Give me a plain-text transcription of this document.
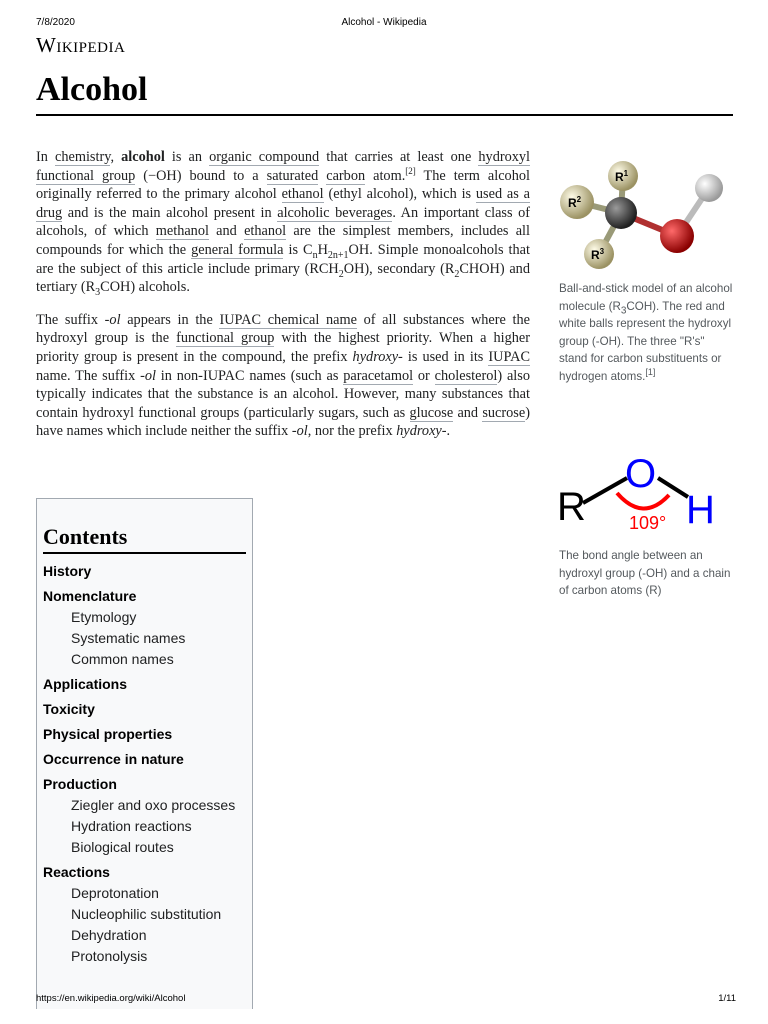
7/8/2020	Alcohol - Wikipedia
Wikipedia
Alcohol

In chemistry, alcohol is an organic compound that carries at least one hydroxyl functional group (−OH) bound to a saturated carbon atom.[2] The term alcohol originally referred to the primary alcohol ethanol (ethyl alcohol), which is used as a drug and is the main alcohol present in alcoholic beverages. An important class of alcohols, of which methanol and ethanol are the simplest members, includes all compounds for which the general formula is $C_nH_{2n+1}OH$. Simple monoalcohols that are the subject of this article include primary $(RCH_2OH)$, secondary $(R_2CHOH)$ and tertiary $(R_3COH)$ alcohols.

The suffix -ol appears in the IUPAC chemical name of all substances where the hydroxyl group is the functional group with the highest priority. When a higher priority group is present in the compound, the prefix hydroxy- is used in its IUPAC name. The suffix -ol in non-IUPAC names (such as paracetamol or cholesterol) also typically indicates that the substance is an alcohol. However, many substances that contain hydroxyl functional groups (particularly sugars, such as glucose and sucrose) have names which include neither the suffix -ol, nor the prefix hydroxy-.

$R^1$
$R^2$
$R^3$
Ball-and-stick model of an alcohol molecule $(R_3COH)$. The red and white balls represent the hydroxyl group (-OH). The three "R's" stand for carbon substituents or hydrogen atoms.[1]
R
O
H
109°
The bond angle between an hydroxyl group (-OH) and a chain of carbon atoms (R)
Contents
History
Nomenclature
Etymology
Systematic names
Common names
Applications
Toxicity
Physical properties
Occurrence in nature
Production
Ziegler and oxo processes
Hydration reactions
Biological routes
Reactions
Deprotonation
Nucleophilic substitution
Dehydration
Protonolysis
https://en.wikipedia.org/wiki/Alcohol	1/11
